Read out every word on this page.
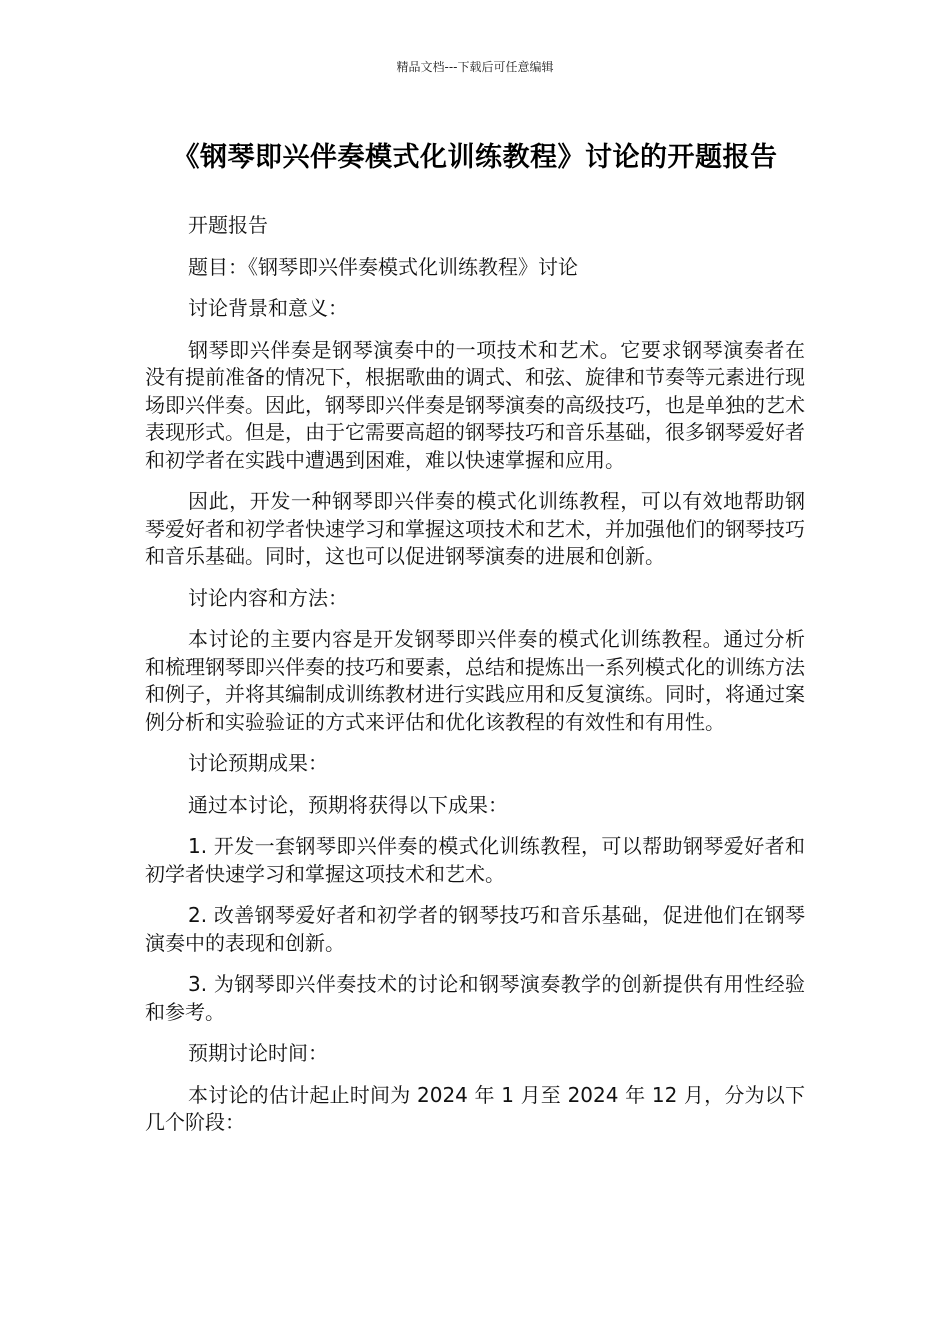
精品文档---下载后可任意编辑
《钢琴即兴伴奏模式化训练教程》讨论的开题报告

开题报告

题目：《钢琴即兴伴奏模式化训练教程》讨论

讨论背景和意义：

钢琴即兴伴奏是钢琴演奏中的一项技术和艺术。它要求钢琴演奏者在没有提前准备的情况下，根据歌曲的调式、和弦、旋律和节奏等元素进行现场即兴伴奏。因此，钢琴即兴伴奏是钢琴演奏的高级技巧，也是单独的艺术表现形式。但是，由于它需要高超的钢琴技巧和音乐基础，很多钢琴爱好者和初学者在实践中遭遇到困难，难以快速掌握和应用。

因此，开发一种钢琴即兴伴奏的模式化训练教程，可以有效地帮助钢琴爱好者和初学者快速学习和掌握这项技术和艺术，并加强他们的钢琴技巧和音乐基础。同时，这也可以促进钢琴演奏的进展和创新。

讨论内容和方法：

本讨论的主要内容是开发钢琴即兴伴奏的模式化训练教程。通过分析和梳理钢琴即兴伴奏的技巧和要素，总结和提炼出一系列模式化的训练方法和例子，并将其编制成训练教材进行实践应用和反复演练。同时，将通过案例分析和实验验证的方式来评估和优化该教程的有效性和有用性。

讨论预期成果：

通过本讨论，预期将获得以下成果：

1. 开发一套钢琴即兴伴奏的模式化训练教程，可以帮助钢琴爱好者和初学者快速学习和掌握这项技术和艺术。

2. 改善钢琴爱好者和初学者的钢琴技巧和音乐基础，促进他们在钢琴演奏中的表现和创新。

3. 为钢琴即兴伴奏技术的讨论和钢琴演奏教学的创新提供有用性经验和参考。

预期讨论时间：

本讨论的估计起止时间为 2024 年 1 月至 2024 年 12 月，分为以下几个阶段：
